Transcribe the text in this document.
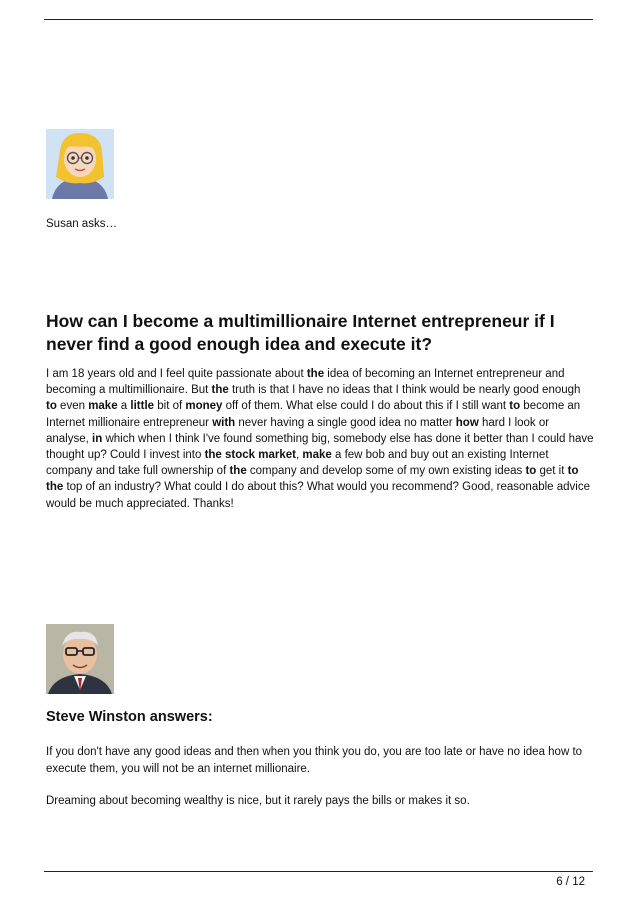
Susan asks…
How can I become a multimillionaire Internet entrepreneur if I never find a good enough idea and execute it?
I am 18 years old and I feel quite passionate about the idea of becoming an Internet entrepreneur and becoming a multimillionaire. But the truth is that I have no ideas that I think would be nearly good enough to even make a little bit of money off of them. What else could I do about this if I still want to become an Internet millionaire entrepreneur with never having a single good idea no matter how hard I look or analyse, in which when I think I've found something big, somebody else has done it better than I could have thought up? Could I invest into the stock market, make a few bob and buy out an existing Internet company and take full ownership of the company and develop some of my own existing ideas to get it to the top of an industry? What could I do about this? What would you recommend? Good, reasonable advice would be much appreciated. Thanks!
Steve Winston answers:

If you don't have any good ideas and then when you think you do, you are too late or have no idea how to execute them, you will not be an internet millionaire.

Dreaming about becoming wealthy is nice, but it rarely pays the bills or makes it so.

6 / 12
